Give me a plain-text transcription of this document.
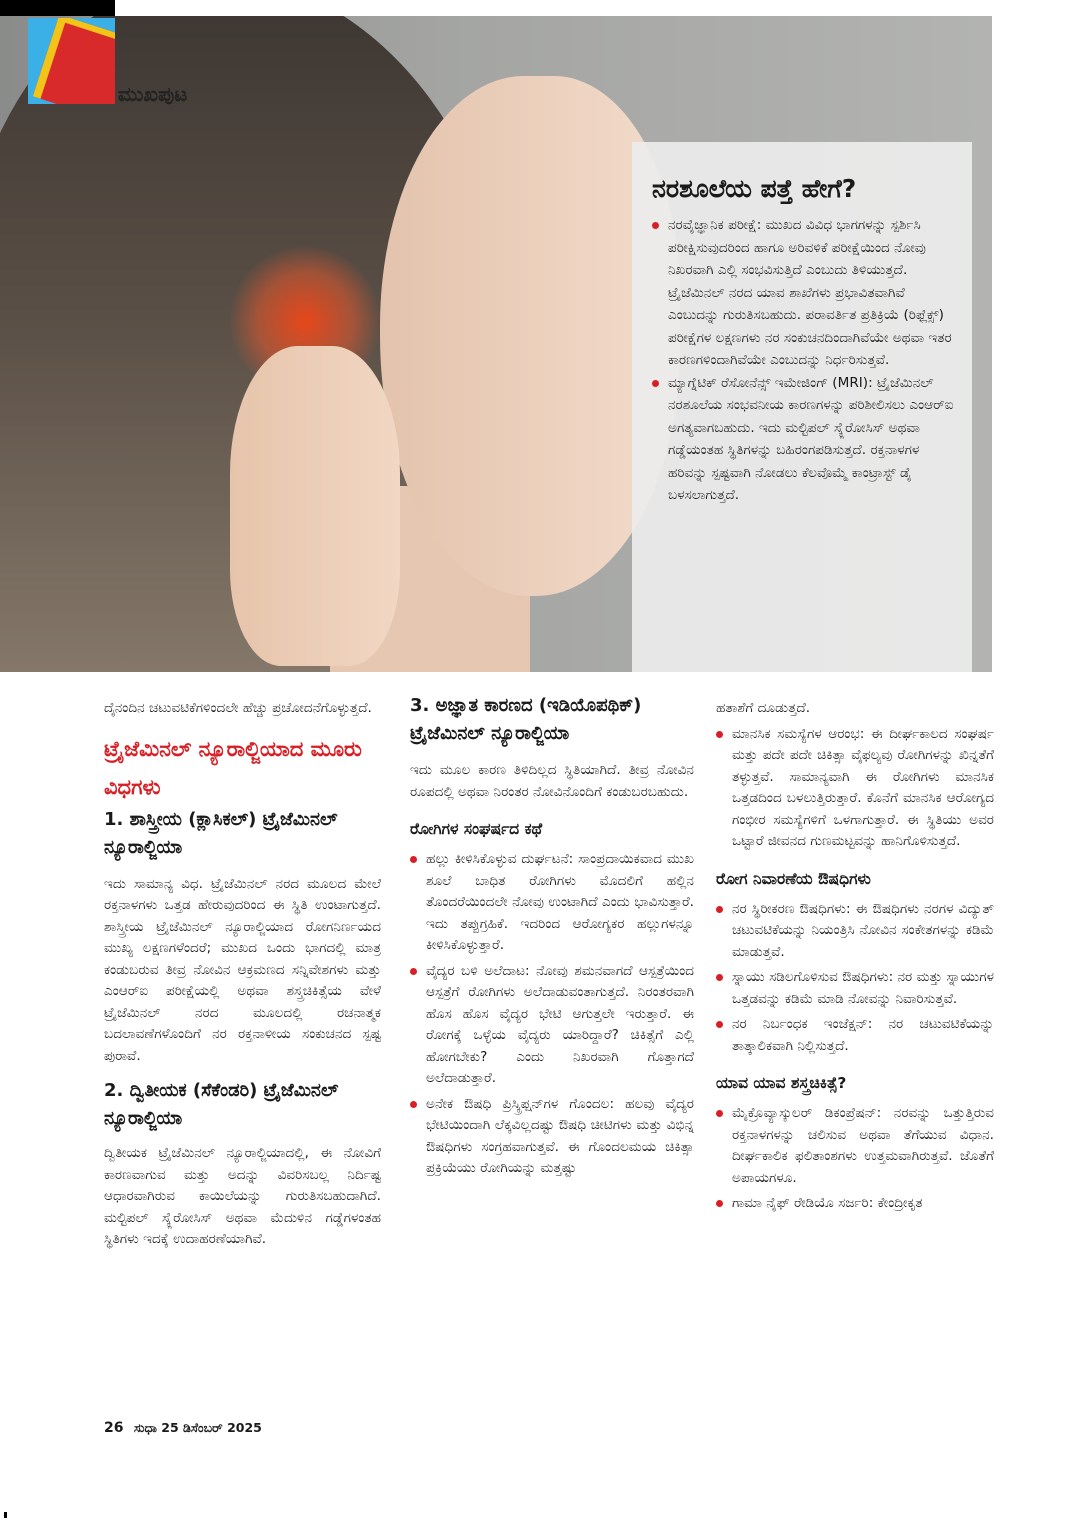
ನರಶೂಲೆಯ ಪತ್ತೆ ಹೇಗೆ?

ನರವೈಜ್ಞಾನಿಕ ಪರೀಕ್ಷೆ: ಮುಖದ ವಿವಿಧ ಭಾಗಗಳನ್ನು ಸ್ಪರ್ಶಿಸಿ ಪರೀಕ್ಷಿಸುವುದರಿಂದ ಹಾಗೂ ಅರಿವಳಿಕೆ ಪರೀಕ್ಷೆಯಿಂದ ನೋವು ನಿಖರವಾಗಿ ಎಲ್ಲಿ ಸಂಭವಿಸುತ್ತಿದೆ ಎಂಬುದು ತಿಳಿಯುತ್ತದೆ. ಟ್ರೈಜೆಮಿನಲ್ ನರದ ಯಾವ ಶಾಖೆಗಳು ಪ್ರಭಾವಿತವಾಗಿವೆ ಎಂಬುದನ್ನು ಗುರುತಿಸಬಹುದು. ಪರಾವರ್ತಿತ ಪ್ರತಿಕ್ರಿಯೆ (ರಿಫ್ಲೆಕ್ಸ್) ಪರೀಕ್ಷೆಗಳ ಲಕ್ಷಣಗಳು ನರ ಸಂಕುಚನದಿಂದಾಗಿವೆಯೇ ಅಥವಾ ಇತರ ಕಾರಣಗಳಿಂದಾಗಿವೆಯೇ ಎಂಬುದನ್ನು ನಿರ್ಧರಿಸುತ್ತವೆ.

ಮ್ಯಾಗ್ನೆಟಿಕ್ ರೆಸೋನೆನ್ಸ್ ಇಮೇಜಿಂಗ್ (MRI): ಟ್ರೈಜೆಮಿನಲ್ ನರಶೂಲೆಯ ಸಂಭವನೀಯ ಕಾರಣಗಳನ್ನು ಪರಿಶೀಲಿಸಲು ಎಂಆರ್‌ಐ ಅಗತ್ಯವಾಗಬಹುದು. ಇದು ಮಲ್ಟಿಪಲ್ ಸ್ಕ್ಲೆರೋಸಿಸ್ ಅಥವಾ ಗಡ್ಡೆಯಂತಹ ಸ್ಥಿತಿಗಳನ್ನು ಬಹಿರಂಗಪಡಿಸುತ್ತದೆ. ರಕ್ತನಾಳಗಳ ಹರಿವನ್ನು ಸ್ಪಷ್ಟವಾಗಿ ನೋಡಲು ಕೆಲವೊಮ್ಮೆ ಕಾಂಟ್ರಾಸ್ಟ್ ಡೈ ಬಳಸಲಾಗುತ್ತದೆ.

ಮುಖಪುಟ

ದೈನಂದಿನ ಚಟುವಟಿಕೆಗಳಿಂದಲೇ ಹೆಚ್ಚು ಪ್ರಚೋದನೆಗೊಳ್ಳುತ್ತದೆ.

ಟ್ರೈಜೆಮಿನಲ್ ನ್ಯೂರಾಲ್ಜಿಯಾದ ಮೂರು ವಿಧಗಳು
1. ಶಾಸ್ತ್ರೀಯ (ಕ್ಲಾಸಿಕಲ್) ಟ್ರೈಜೆಮಿನಲ್ ನ್ಯೂರಾಲ್ಜಿಯಾ

ಇದು ಸಾಮಾನ್ಯ ವಿಧ. ಟ್ರೈಜೆಮಿನಲ್ ನರದ ಮೂಲದ ಮೇಲೆ ರಕ್ತನಾಳಗಳು ಒತ್ತಡ ಹೇರುವುದರಿಂದ ಈ ಸ್ಥಿತಿ ಉಂಟಾಗುತ್ತದೆ. ಶಾಸ್ತ್ರೀಯ ಟ್ರೈಜೆಮಿನಲ್ ನ್ಯೂರಾಲ್ಜಿಯಾದ ರೋಗನಿರ್ಣಯದ ಮುಖ್ಯ ಲಕ್ಷಣಗಳೆಂದರೆ; ಮುಖದ ಒಂದು ಭಾಗದಲ್ಲಿ ಮಾತ್ರ ಕಂಡುಬರುವ ತೀವ್ರ ನೋವಿನ ಆಕ್ರಮಣದ ಸನ್ನಿವೇಶಗಳು ಮತ್ತು ಎಂಆರ್‌ಐ ಪರೀಕ್ಷೆಯಲ್ಲಿ ಅಥವಾ ಶಸ್ತ್ರಚಿಕಿತ್ಸೆಯ ವೇಳೆ ಟ್ರೈಜೆಮಿನಲ್ ನರದ ಮೂಲದಲ್ಲಿ ರಚನಾತ್ಮಕ ಬದಲಾವಣೆಗಳೊಂದಿಗೆ ನರ ರಕ್ತನಾಳೀಯ ಸಂಕುಚನದ ಸ್ಪಷ್ಟ ಪುರಾವೆ.

2. ದ್ವಿತೀಯಕ (ಸೆಕೆಂಡರಿ) ಟ್ರೈಜೆಮಿನಲ್ ನ್ಯೂರಾಲ್ಜಿಯಾ

ದ್ವಿತೀಯಕ ಟ್ರೈಜೆಮಿನಲ್ ನ್ಯೂರಾಲ್ಜಿಯಾದಲ್ಲಿ, ಈ ನೋವಿಗೆ ಕಾರಣವಾಗುವ ಮತ್ತು ಅದನ್ನು ವಿವರಿಸಬಲ್ಲ ನಿರ್ದಿಷ್ಟ ಆಧಾರವಾಗಿರುವ ಕಾಯಿಲೆಯನ್ನು ಗುರುತಿಸಬಹುದಾಗಿದೆ. ಮಲ್ಟಿಪಲ್ ಸ್ಕ್ಲೆರೋಸಿಸ್ ಅಥವಾ ಮೆದುಳಿನ ಗಡ್ಡೆಗಳಂತಹ ಸ್ಥಿತಿಗಳು ಇದಕ್ಕೆ ಉದಾಹರಣೆಯಾಗಿವೆ.

3. ಅಜ್ಞಾತ ಕಾರಣದ (ಇಡಿಯೊಪಥಿಕ್) ಟ್ರೈಜೆಮಿನಲ್ ನ್ಯೂರಾಲ್ಜಿಯಾ

ಇದು ಮೂಲ ಕಾರಣ ತಿಳಿದಿಲ್ಲದ ಸ್ಥಿತಿಯಾಗಿದೆ. ತೀವ್ರ ನೋವಿನ ರೂಪದಲ್ಲಿ ಅಥವಾ ನಿರಂತರ ನೋವಿನೊಂದಿಗೆ ಕಂಡುಬರಬಹುದು.

ರೋಗಿಗಳ ಸಂಘರ್ಷದ ಕಥೆ

ಹಲ್ಲು ಕೀಳಿಸಿಕೊಳ್ಳುವ ದುರ್ಘಟನೆ: ಸಾಂಪ್ರದಾಯಿಕವಾದ ಮುಖ ಶೂಲೆ ಬಾಧಿತ ರೋಗಿಗಳು ಮೊದಲಿಗೆ ಹಲ್ಲಿನ ತೊಂದರೆಯಿಂದಲೇ ನೋವು ಉಂಟಾಗಿದೆ ಎಂದು ಭಾವಿಸುತ್ತಾರೆ. ಇದು ತಪ್ಪುಗ್ರಹಿಕೆ. ಇದರಿಂದ ಆರೋಗ್ಯಕರ ಹಲ್ಲುಗಳನ್ನೂ ಕೀಳಿಸಿಕೊಳ್ಳುತ್ತಾರೆ.

ವೈದ್ಯರ ಬಳಿ ಅಲೆದಾಟ: ನೋವು ಶಮನವಾಗದೆ ಆಸ್ಪತ್ರೆಯಿಂದ ಆಸ್ಪತ್ರೆಗೆ ರೋಗಿಗಳು ಅಲೆದಾಡುವಂತಾಗುತ್ತದೆ. ನಿರಂತರವಾಗಿ ಹೊಸ ಹೊಸ ವೈದ್ಯರ ಭೇಟಿ ಆಗುತ್ತಲೇ ಇರುತ್ತಾರೆ. ಈ ರೋಗಕ್ಕೆ ಒಳ್ಳೆಯ ವೈದ್ಯರು ಯಾರಿದ್ದಾರೆ? ಚಿಕಿತ್ಸೆಗೆ ಎಲ್ಲಿ ಹೋಗಬೇಕು? ಎಂದು ನಿಖರವಾಗಿ ಗೊತ್ತಾಗದೆ ಅಲೆದಾಡುತ್ತಾರೆ.

ಅನೇಕ ಔಷಧಿ ಪ್ರಿಸ್ಕ್ರಿಪ್ಷನ್‌ಗಳ ಗೊಂದಲ: ಹಲವು ವೈದ್ಯರ ಭೇಟಿಯಿಂದಾಗಿ ಲೆಕ್ಕವಿಲ್ಲದಷ್ಟು ಔಷಧಿ ಚೀಟಿಗಳು ಮತ್ತು ವಿಭಿನ್ನ ಔಷಧಿಗಳು ಸಂಗ್ರಹವಾಗುತ್ತವೆ. ಈ ಗೊಂದಲಮಯ ಚಿಕಿತ್ಸಾ ಪ್ರಕ್ರಿಯೆಯು ರೋಗಿಯನ್ನು ಮತ್ತಷ್ಟು

ಹತಾಶೆಗೆ ದೂಡುತ್ತದೆ.

ಮಾನಸಿಕ ಸಮಸ್ಯೆಗಳ ಆರಂಭ: ಈ ದೀರ್ಘಕಾಲದ ಸಂಘರ್ಷ ಮತ್ತು ಪದೇ ಪದೇ ಚಿಕಿತ್ಸಾ ವೈಫಲ್ಯವು ರೋಗಿಗಳನ್ನು ಖಿನ್ನತೆಗೆ ತಳ್ಳುತ್ತವೆ. ಸಾಮಾನ್ಯವಾಗಿ ಈ ರೋಗಿಗಳು ಮಾನಸಿಕ ಒತ್ತಡದಿಂದ ಬಳಲುತ್ತಿರುತ್ತಾರೆ. ಕೊನೆಗೆ ಮಾನಸಿಕ ಆರೋಗ್ಯದ ಗಂಭೀರ ಸಮಸ್ಯೆಗಳಿಗೆ ಒಳಗಾಗುತ್ತಾರೆ. ಈ ಸ್ಥಿತಿಯು ಅವರ ಒಟ್ಟಾರೆ ಜೀವನದ ಗುಣಮಟ್ಟವನ್ನು ಹಾನಿಗೊಳಿಸುತ್ತದೆ.

ರೋಗ ನಿವಾರಣೆಯ ಔಷಧಿಗಳು

ನರ ಸ್ಥಿರೀಕರಣ ಔಷಧಿಗಳು: ಈ ಔಷಧಿಗಳು ನರಗಳ ವಿದ್ಯುತ್ ಚಟುವಟಿಕೆಯನ್ನು ನಿಯಂತ್ರಿಸಿ ನೋವಿನ ಸಂಕೇತಗಳನ್ನು ಕಡಿಮೆ ಮಾಡುತ್ತವೆ.

ಸ್ನಾಯು ಸಡಿಲಗೊಳಿಸುವ ಔಷಧಿಗಳು: ನರ ಮತ್ತು ಸ್ನಾಯುಗಳ ಒತ್ತಡವನ್ನು ಕಡಿಮೆ ಮಾಡಿ ನೋವನ್ನು ನಿವಾರಿಸುತ್ತವೆ.

ನರ ನಿರ್ಬಂಧಕ ಇಂಜೆಕ್ಷನ್: ನರ ಚಟುವಟಿಕೆಯನ್ನು ತಾತ್ಕಾಲಿಕವಾಗಿ ನಿಲ್ಲಿಸುತ್ತದೆ.

ಯಾವ ಯಾವ ಶಸ್ತ್ರಚಿಕಿತ್ಸೆ?

ಮೈಕ್ರೊವ್ಯಾಸ್ಕುಲರ್ ಡಿಕಂಪ್ರೆಷನ್: ನರವನ್ನು ಒತ್ತುತ್ತಿರುವ ರಕ್ತನಾಳಗಳನ್ನು ಚಲಿಸುವ ಅಥವಾ ತೆಗೆಯುವ ವಿಧಾನ. ದೀರ್ಘಕಾಲಿಕ ಫಲಿತಾಂಶಗಳು ಉತ್ತಮವಾಗಿರುತ್ತವೆ. ಜೊತೆಗೆ ಅಪಾಯಗಳೂ.

ಗಾಮಾ ನೈಫ್ ರೇಡಿಯೊ ಸರ್ಜರಿ: ಕೇಂದ್ರೀಕೃತ

26 ಸುಧಾ 25 ಡಿಸೆಂಬರ್ 2025
